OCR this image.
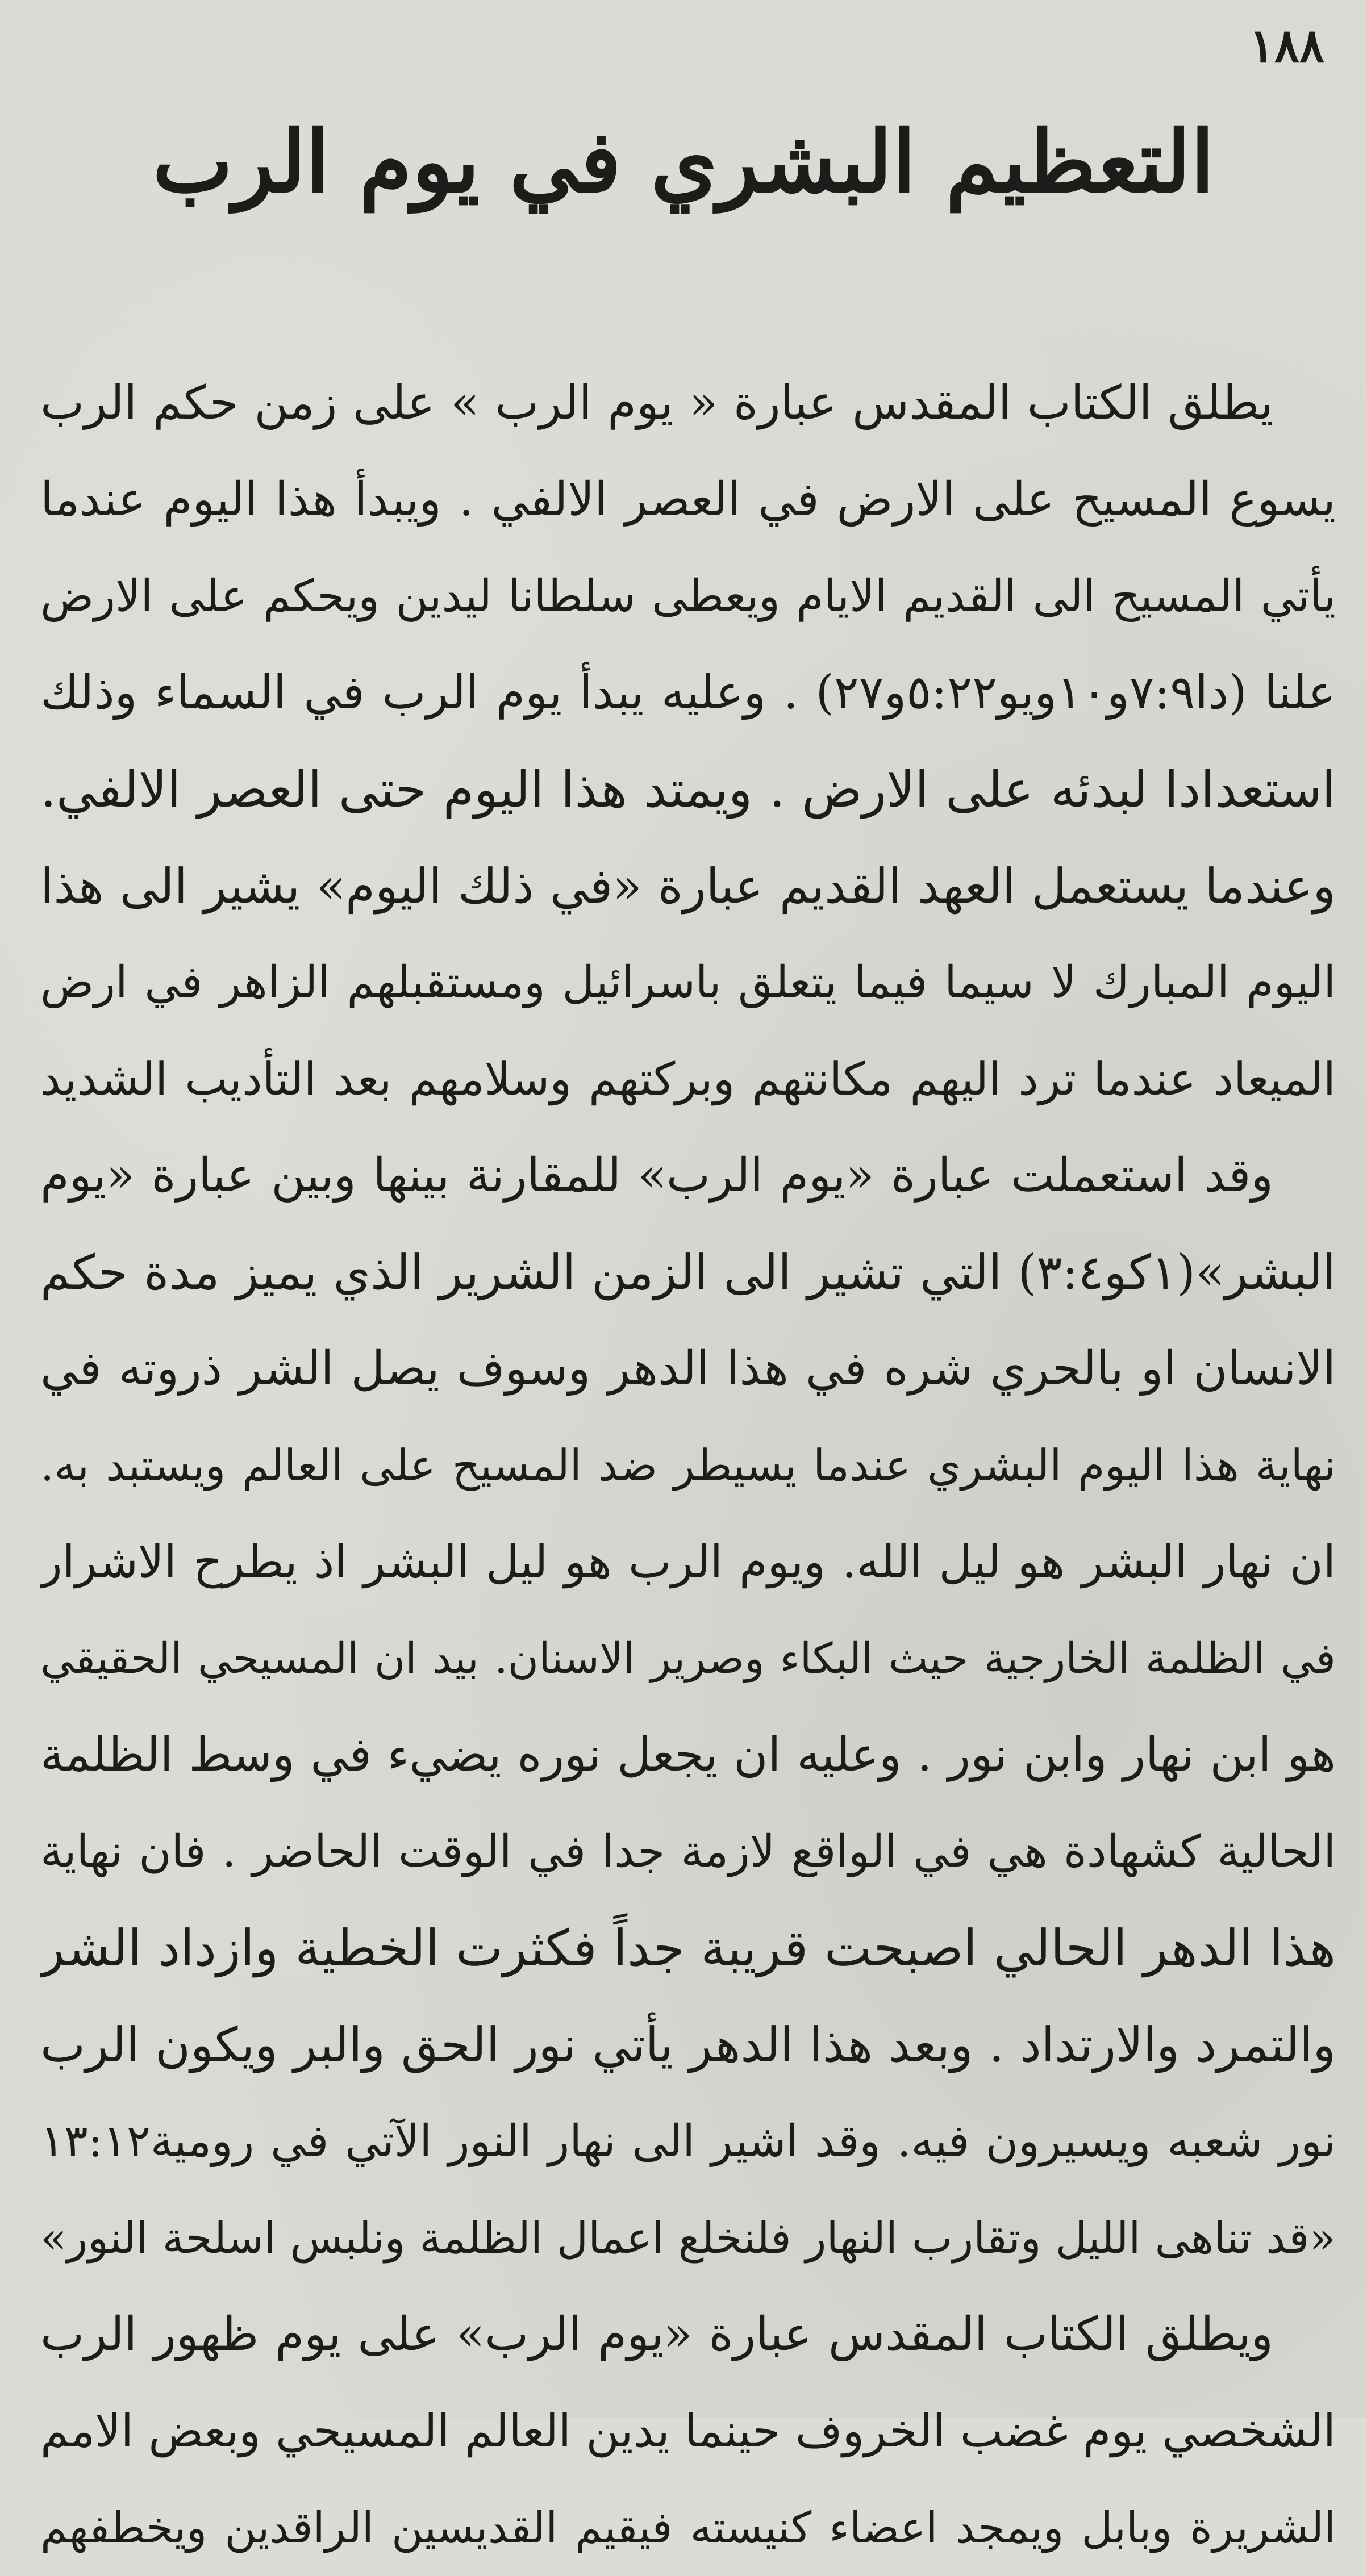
١٨٨
التعظيم البشري في يوم الرب
يطلق الكتاب المقدس عبارة « يوم الرب » على زمن حكم الرب
يسوع المسيح على الارض في العصر الالفي . ويبدأ هذا اليوم عندما
يأتي المسيح الى القديم الايام ويعطى سلطانا ليدين ويحكم على الارض
علنا (دا٧:٩و١٠ويو٥:٢٢و٢٧) . وعليه يبدأ يوم الرب في السماء وذلك
استعدادا لبدئه على الارض . ويمتد هذا اليوم حتى العصر الالفي.
وعندما يستعمل العهد القديم عبارة «في ذلك اليوم» يشير الى هذا
اليوم المبارك لا سيما فيما يتعلق باسرائيل ومستقبلهم الزاهر في ارض
الميعاد عندما ترد اليهم مكانتهم وبركتهم وسلامهم بعد التأديب الشديد
وقد استعملت عبارة «يوم الرب» للمقارنة بينها وبين عبارة «يوم
البشر»(١كو٣:٤) التي تشير الى الزمن الشرير الذي يميز مدة حكم
الانسان او بالحري شره في هذا الدهر وسوف يصل الشر ذروته في
نهاية هذا اليوم البشري عندما يسيطر ضد المسيح على العالم ويستبد به.
ان نهار البشر هو ليل الله. ويوم الرب هو ليل البشر اذ يطرح الاشرار
في الظلمة الخارجية حيث البكاء وصرير الاسنان. بيد ان المسيحي الحقيقي
هو ابن نهار وابن نور . وعليه ان يجعل نوره يضيء في وسط الظلمة
الحالية كشهادة هي في الواقع لازمة جدا في الوقت الحاضر . فان نهاية
هذا الدهر الحالي اصبحت قريبة جداً فكثرت الخطية وازداد الشر
والتمرد والارتداد . وبعد هذا الدهر يأتي نور الحق والبر ويكون الرب
نور شعبه ويسيرون فيه. وقد اشير الى نهار النور الآتي في رومية١٣:١٢
«قد تناهى الليل وتقارب النهار فلنخلع اعمال الظلمة ونلبس اسلحة النور»
ويطلق الكتاب المقدس عبارة «يوم الرب» على يوم ظهور الرب
الشخصي يوم غضب الخروف حينما يدين العالم المسيحي وبعض الامم
الشريرة وبابل ويمجد اعضاء كنيسته فيقيم القديسين الراقدين ويخطفهم
